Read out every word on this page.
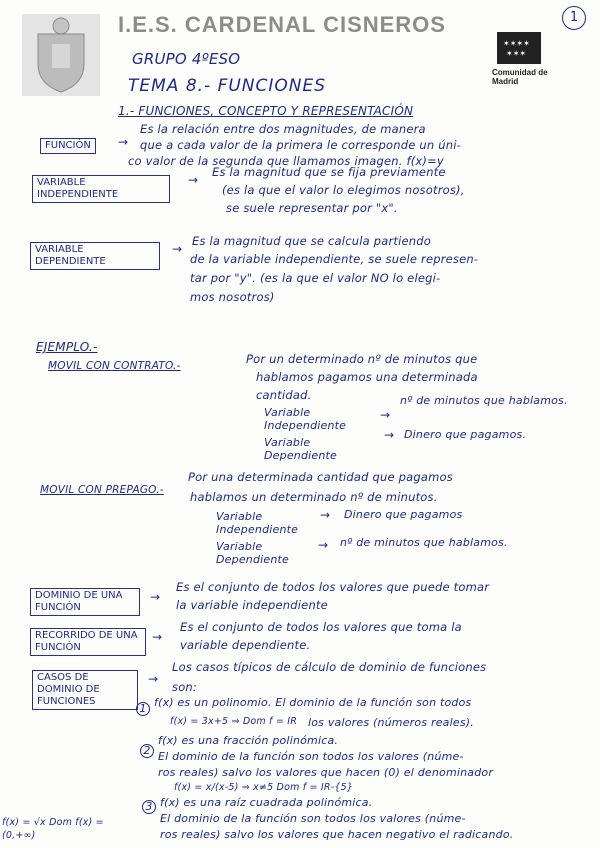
I.E.S. CARDENAL CISNEROS	1
✶✶✶✶
✶✶✶
Comunidad de Madrid
GRUPO 4ºESO
TEMA 8.- FUNCIONES
1.- FUNCIONES, CONCEPTO Y REPRESENTACIÓN
FUNCIÓN	→
Es la relación entre dos magnitudes, de manera
que a cada valor de la primera le corresponde un úni-
co valor de la segunda que llamamos imagen. f(x)=y
VARIABLE INDEPENDIENTE
→
Es la magnitud que se fija previamente
(es la que el valor lo elegimos nosotros),
se suele representar por "x".
VARIABLE DEPENDIENTE
→
Es la magnitud que se calcula partiendo
de la variable independiente, se suele represen-
tar por "y". (es la que el valor NO lo elegi-
mos nosotros)
EJEMPLO.-
MOVIL CON CONTRATO.-	Por un determinado nº de minutos que
hablamos pagamos una determinada
cantidad.
Variable Independiente
→
nº de minutos que hablamos.
Variable Dependiente
→ Dinero que pagamos.
MOVIL CON PREPAGO.-
Por una determinada cantidad que pagamos
hablamos un determinado nº de minutos.
Variable Independiente
→ Dinero que pagamos
Variable Dependiente
→ nº de minutos que hablamos.
DOMINIO DE UNA FUNCIÓN
→
Es el conjunto de todos los valores que puede tomar
la variable independiente
RECORRIDO DE UNA FUNCIÓN
→
Es el conjunto de todos los valores que toma la
variable dependiente.
CASOS DE DOMINIO DE FUNCIONES
→
Los casos típicos de cálculo de dominio de funciones
son:
1 f(x) es un polinomio. El dominio de la función son todos
los valores (números reales).
f(x) = 3x+5 ⇒ Dom f = IR
2
f(x) es una fracción polinómica.
El dominio de la función son todos los valores (núme-
ros reales) salvo los valores que hacen (0) el denominador
f(x) = x/(x-5) ⇒ x≠5 Dom f = IR-{5}
3 f(x) es una raíz cuadrada polinómica.
El dominio de la función son todos los valores (núme-
ros reales) salvo los valores que hacen negativo el radicando.
f(x) = √x Dom f(x) = (0,+∞)
